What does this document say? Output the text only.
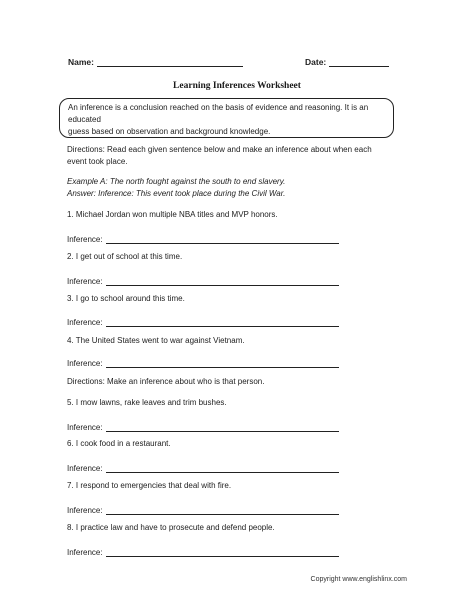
Name:	Date:
Learning Inferences Worksheet
An inference is a conclusion reached on the basis of evidence and reasoning. It is an educated
guess based on observation and background knowledge.
Directions: Read each given sentence below and make an inference about when each
event took place.
Example A: The north fought against the south to end slavery.
Answer: Inference: This event took place during the Civil War.
1. Michael Jordan won multiple NBA titles and MVP honors.
Inference:
2. I get out of school at this time.
Inference:
3. I go to school around this time.
Inference:
4. The United States went to war against Vietnam.
Inference:
Directions: Make an inference about who is that person.
5. I mow lawns, rake leaves and trim bushes.
Inference:
6. I cook food in a restaurant.
Inference:
7. I respond to emergencies that deal with fire.
Inference:
8. I practice law and have to prosecute and defend people.
Inference:
Copyright www.englishlinx.com
